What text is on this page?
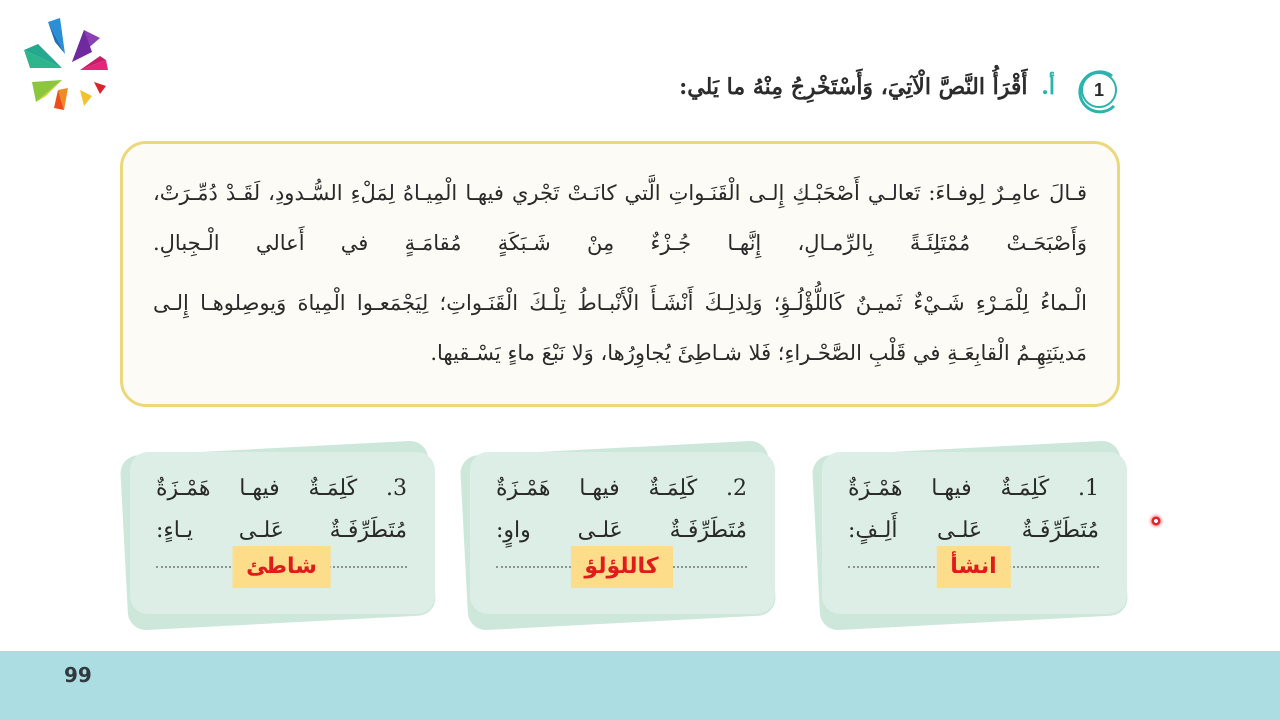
1
أ. أَقْرَأُ النَّصَّ الْآتِيَ، وَأَسْتَخْرِجُ مِنْهُ ما يَلي:

قـالَ عامِـرٌ لِوفـاءَ: تَعالـي أَصْحَبْـكِ إِلـى الْقَنَـواتِ الَّتي كانَـتْ تَجْري فيهـا الْمِيـاهُ لِمَلْءِ السُّـدودِ، لَقَـدْ دُمِّـرَتْ، وَأَصْبَحَـتْ مُمْتَلِئَـةً بِالرِّمـالِ، إِنَّهـا جُـزْءٌ مِنْ شَـبَكَةٍ مُقامَـةٍ في أَعالي الْـجِبالِ.

الْـماءُ لِلْمَـرْءِ شَـيْءٌ ثَميـنٌ كَاللُّؤْلُـؤِ؛ وَلِذلِـكَ أَنْشَـأَ الْأَنْبـاطُ تِلْـكَ الْقَنَـواتِ؛ لِيَجْمَعـوا الْمِياهَ وَيوصِلوهـا إِلـى مَدينَتِهِـمُ الْقابِعَـةِ في قَلْبِ الصَّحْـراءِ؛ فَلا شـاطِئَ يُجاوِرُها، وَلا نَبْعَ ماءٍ يَسْـقيها.

1. كَلِمَـةٌ فيهـا هَمْـزَةٌ
مُتَطَرِّفَـةٌ عَلـى أَلِـفٍ:
انشأ
2. كَلِمَـةٌ فيهـا هَمْـزَةٌ
مُتَطَرِّفَـةٌ عَلـى واوٍ:
كاللؤلؤ
3. كَلِمَـةٌ فيهـا هَمْـزَةٌ
مُتَطَرِّفَـةٌ عَلـى يـاءٍ:
شاطئ
99
